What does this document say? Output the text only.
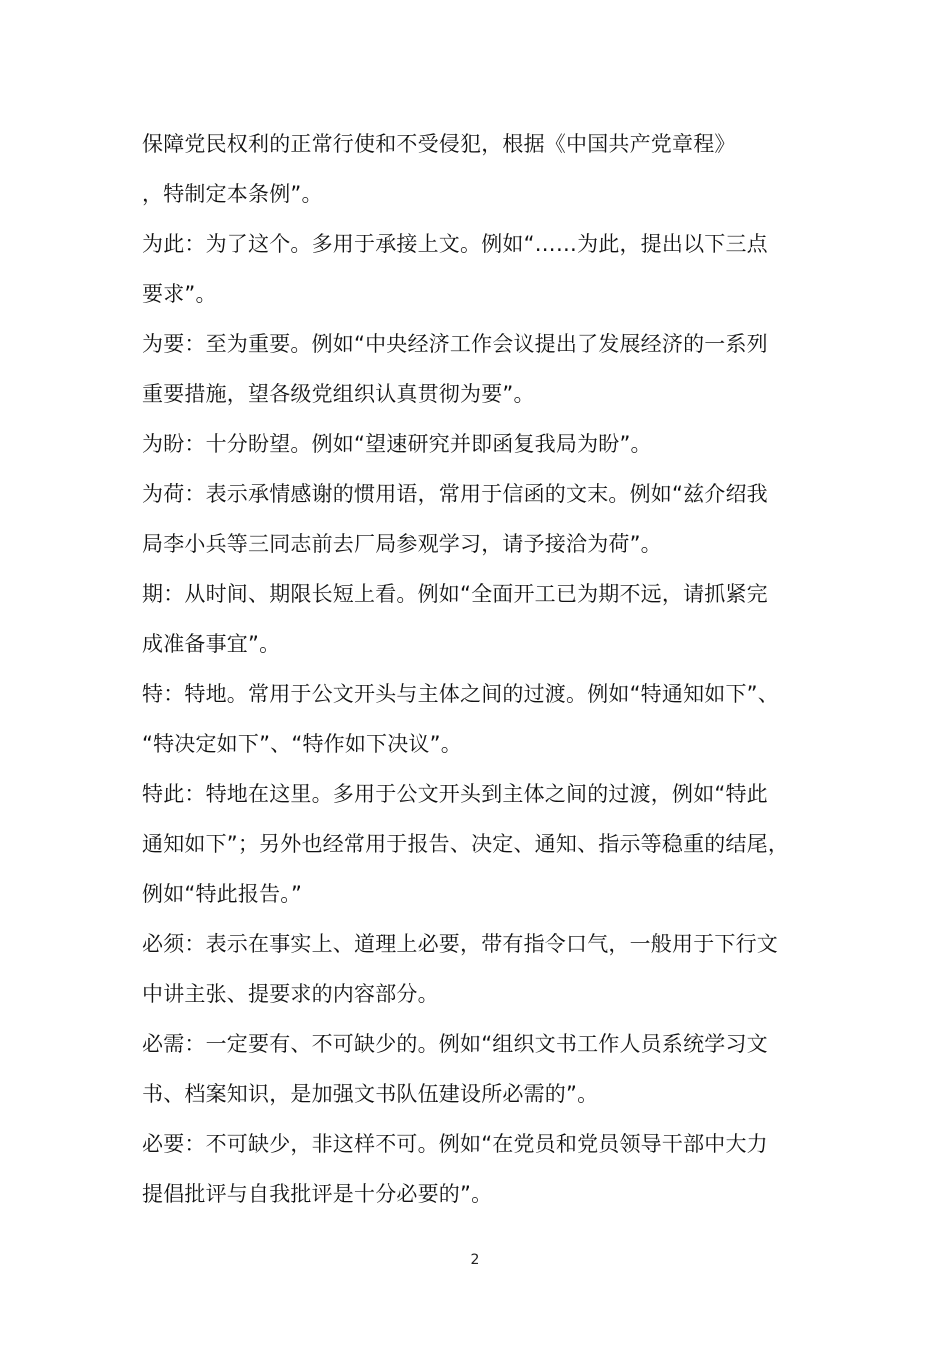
保障党民权利的正常行使和不受侵犯，根据《中国共产党章程》
，特制定本条例”。
为此：为了这个。多用于承接上文。例如“……为此，提出以下三点
要求”。
为要：至为重要。例如“中央经济工作会议提出了发展经济的一系列
重要措施，望各级党组织认真贯彻为要”。
为盼：十分盼望。例如“望速研究并即函复我局为盼”。
为荷：表示承情感谢的惯用语，常用于信函的文末。例如“兹介绍我
局李小兵等三同志前去厂局参观学习，请予接洽为荷”。
期：从时间、期限长短上看。例如“全面开工已为期不远，请抓紧完
成准备事宜”。
特：特地。常用于公文开头与主体之间的过渡。例如“特通知如下”、
“特决定如下”、“特作如下决议”。
特此：特地在这里。多用于公文开头到主体之间的过渡，例如“特此
通知如下”；另外也经常用于报告、决定、通知、指示等稳重的结尾，
例如“特此报告。”
必须：表示在事实上、道理上必要，带有指令口气，一般用于下行文
中讲主张、提要求的内容部分。
必需：一定要有、不可缺少的。例如“组织文书工作人员系统学习文
书、档案知识，是加强文书队伍建设所必需的”。
必要：不可缺少，非这样不可。例如“在党员和党员领导干部中大力
提倡批评与自我批评是十分必要的”。
2
